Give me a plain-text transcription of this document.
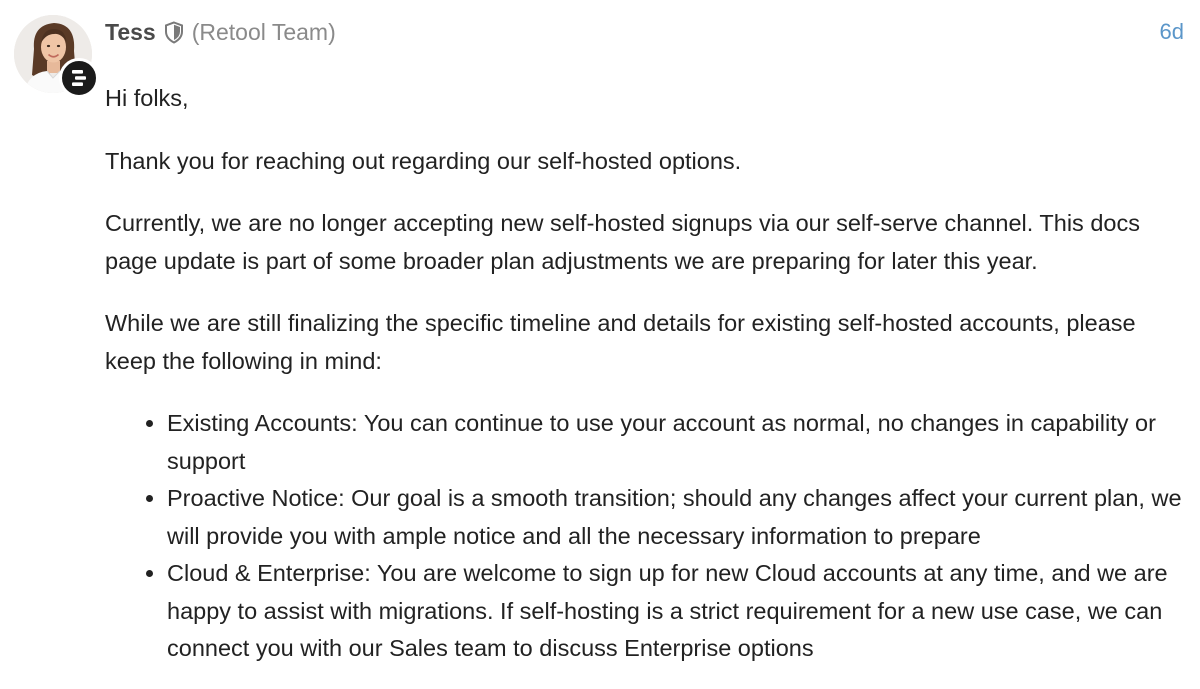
Tess (Retool Team)	6d

Hi folks,

Thank you for reaching out regarding our self-hosted options.

Currently, we are no longer accepting new self-hosted signups via our self-serve channel. This docs page update is part of some broader plan adjustments we are preparing for later this year.

While we are still finalizing the specific timeline and details for existing self-hosted accounts, please keep the following in mind:

• Existing Accounts: You can continue to use your account as normal, no changes in capability or support
• Proactive Notice: Our goal is a smooth transition; should any changes affect your current plan, we will provide you with ample notice and all the necessary information to prepare
• Cloud & Enterprise: You are welcome to sign up for new Cloud accounts at any time, and we are happy to assist with migrations. If self-hosting is a strict requirement for a new use case, we can connect you with our Sales team to discuss Enterprise options
